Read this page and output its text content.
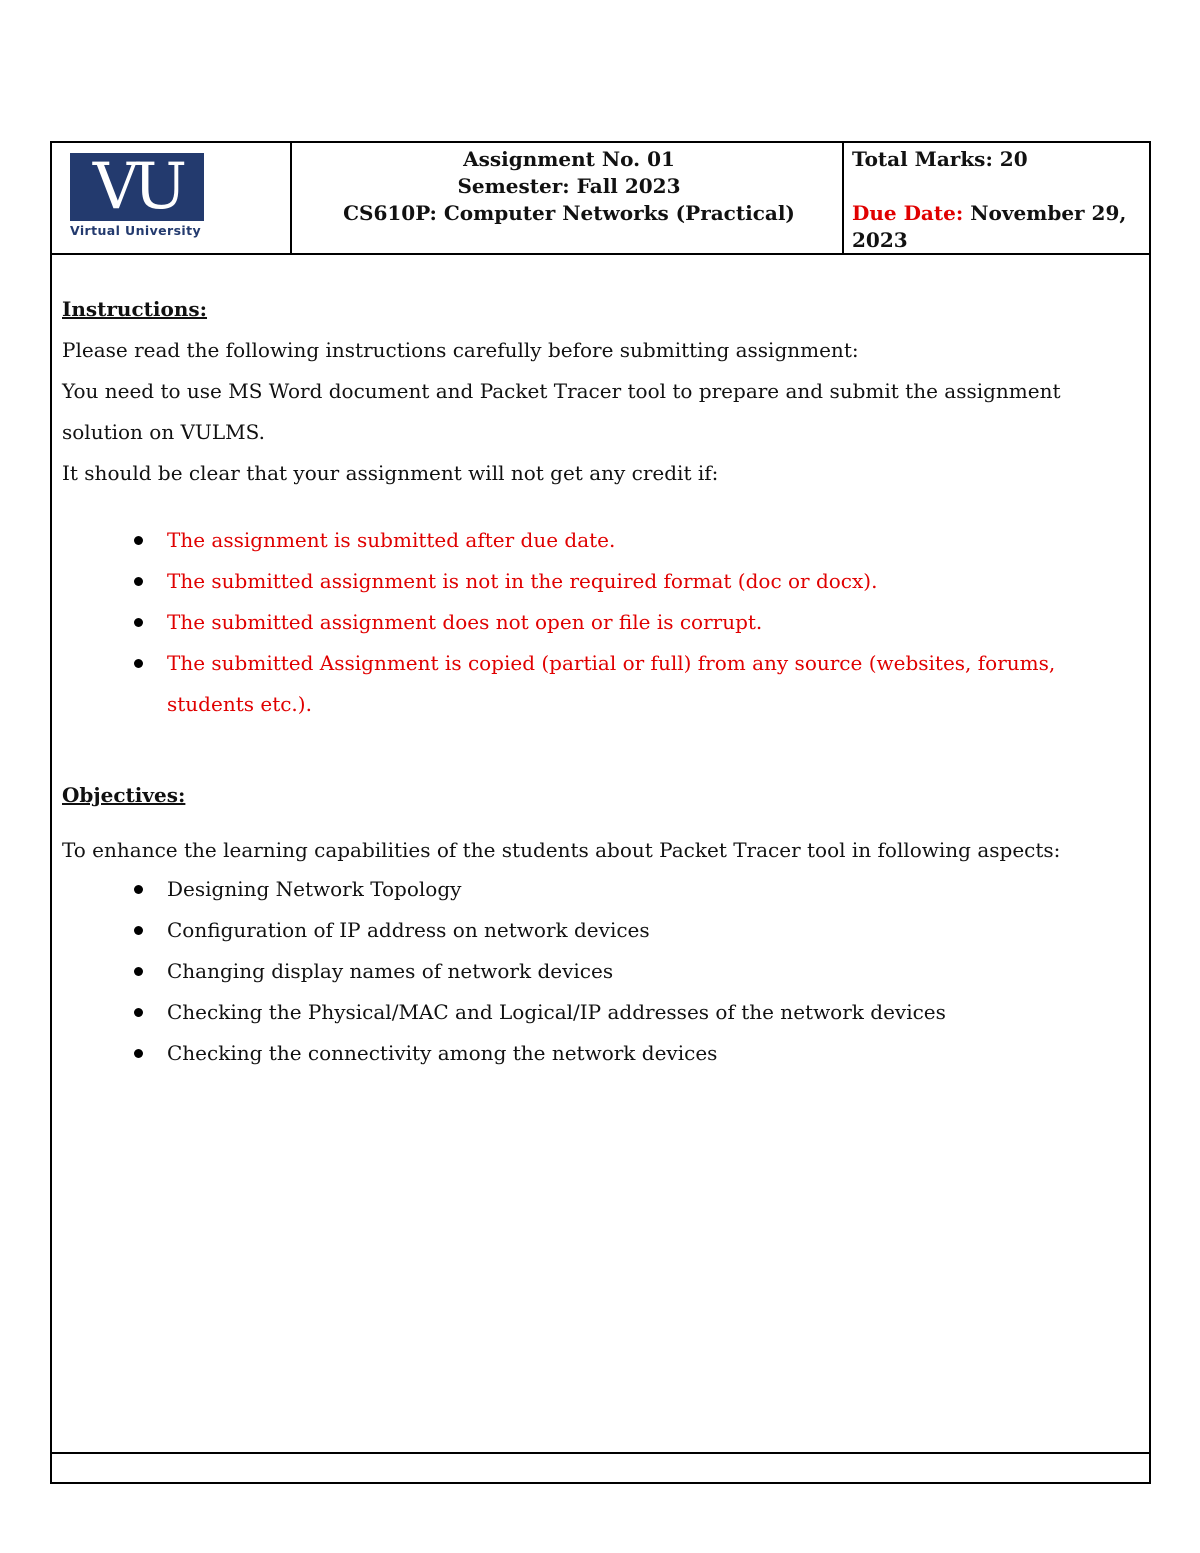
VU
Virtual University
Assignment No. 01
Semester: Fall 2023
CS610P: Computer Networks (Practical)
Total Marks: 20
Due Date: November 29, 2023
Instructions:

Please read the following instructions carefully before submitting assignment:

You need to use MS Word document and Packet Tracer tool to prepare and submit the assignment solution on VULMS.

It should be clear that your assignment will not get any credit if:

The assignment is submitted after due date.
The submitted assignment is not in the required format (doc or docx).
The submitted assignment does not open or file is corrupt.
The submitted Assignment is copied (partial or full) from any source (websites, forums, students etc.).
Objectives:

To enhance the learning capabilities of the students about Packet Tracer tool in following aspects:

Designing Network Topology
Configuration of IP address on network devices
Changing display names of network devices
Checking the Physical/MAC and Logical/IP addresses of the network devices
Checking the connectivity among the network devices
